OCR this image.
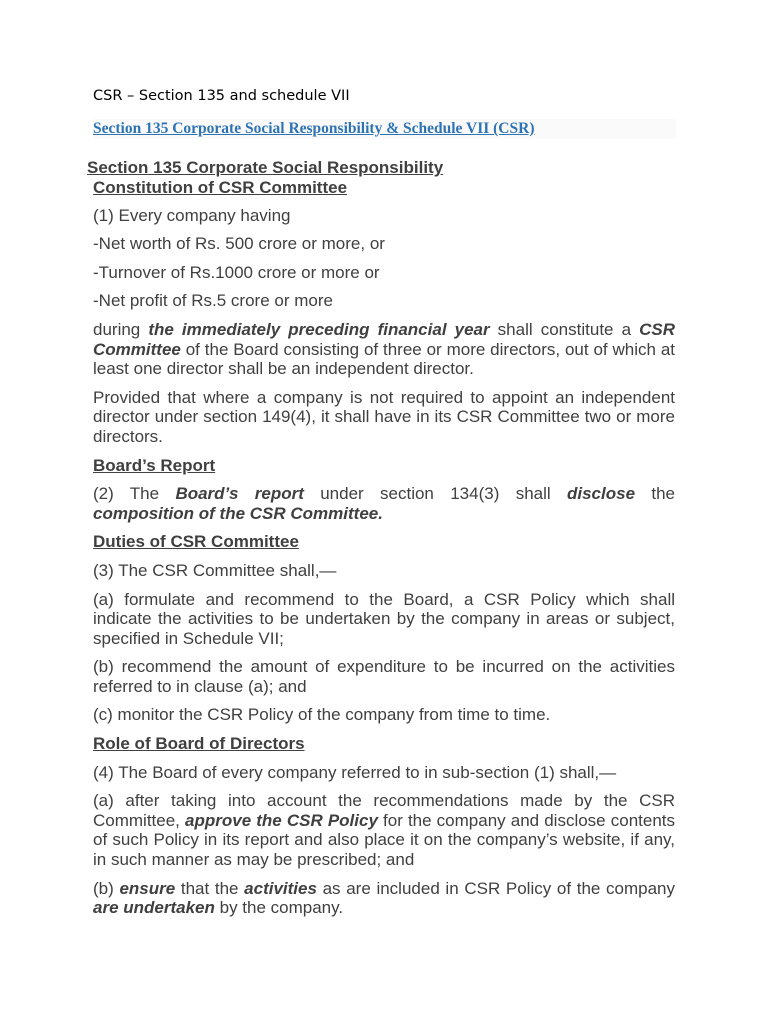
CSR – Section 135 and schedule VII
Section 135 Corporate Social Responsibility & Schedule VII (CSR)
Section 135 Corporate Social Responsibility
Constitution of CSR Committee
(1) Every company having
-Net worth of Rs. 500 crore or more, or
-Turnover of Rs.1000 crore or more or
-Net profit of Rs.5 crore or more
during the immediately preceding financial year shall constitute a CSR Committee of the Board consisting of three or more directors, out of which at least one director shall be an independent director.
Provided that where a company is not required to appoint an independent director under section 149(4), it shall have in its CSR Committee two or more directors.
Board’s Report
(2) The Board’s report under section 134(3) shall disclose the composition of the CSR Committee.
Duties of CSR Committee
(3) The CSR Committee shall,—
(a) formulate and recommend to the Board, a CSR Policy which shall indicate the activities to be undertaken by the company in areas or subject, specified in Schedule VII;
(b) recommend the amount of expenditure to be incurred on the activities referred to in clause (a); and
(c) monitor the CSR Policy of the company from time to time.
Role of Board of Directors
(4) The Board of every company referred to in sub-section (1) shall,—
(a) after taking into account the recommendations made by the CSR Committee, approve the CSR Policy for the company and disclose contents of such Policy in its report and also place it on the company’s website, if any, in such manner as may be prescribed; and
(b) ensure that the activities as are included in CSR Policy of the company are undertaken by the company.
